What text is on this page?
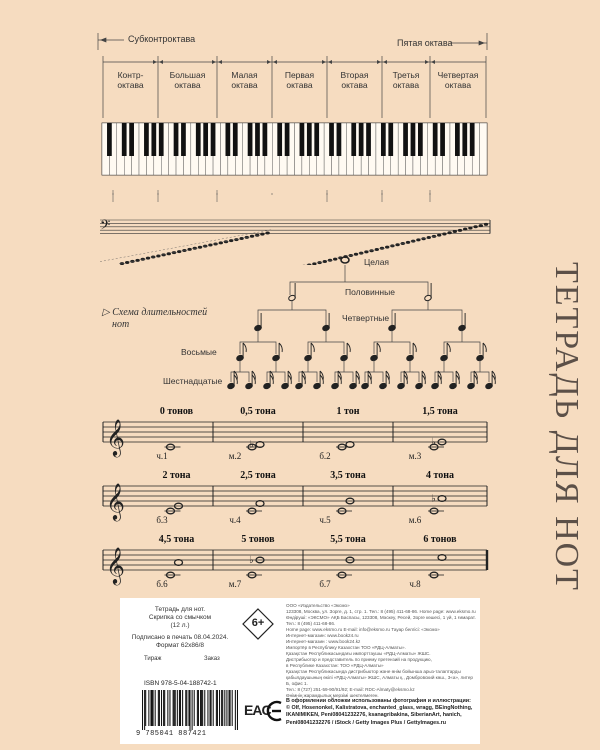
Субконтроктава	Пятая октава
Контр-
октава
Большая
октава
Малая
октава
Первая
октава
Вторая
октава
Третья
октава
Четвертая
октава
𝄢
ТЕТРАДЬ ДЛЯ НОТ
▷ Схема длительностей
нот
Целая
Половинные
Четвертные
Восьмые
Шестнадцатые
𝄞	♭	♭
𝄞	♭
𝄞	♭
0 тонов
ч.1
0,5 тона
м.2
1 тон
б.2
1,5 тона
м.3
2 тона
б.3
2,5 тона
ч.4
3,5 тона
ч.5
4 тона
м.6
4,5 тона
б.6
5 тонов
м.7
5,5 тона
б.7
6 тонов
ч.8
Тетрадь для нот.
Скрипка со смычком
(12 л.)
Подписано в печать 08.04.2024.
Формат 62х86/8
Тираж	Заказ
6+
ООО «Издательство «Эксмо»
123308, Москва, ул. Зорге, д. 1, стр. 1. Тел.: 8 (495) 411-68-86. Home page: www.eksmo.ru
Өндіруші: «ЭКСМО» АҚБ Баспасы, 123308, Мәскеу, Ресей, Зорге көшесі, 1 үй, 1 ғимарат. Тел.: 8 (495) 411-68-86.
Home page: www.eksmo.ru E-mail: info@eksmo.ru Тауар белгісі: «Эксмо»
Интернет-магазин: www.book24.ru
Интернет-магазин : www.book24.kz
Импортёр в Республику Казахстан ТОО «РДЦ-Алматы».
Қазақстан Республикасындағы импорттаушы «РДЦ-Алматы» ЖШС.
Дистрибьютор и представитель по приему претензий на продукцию,
в Республике Казахстан: ТОО «РДЦ-Алматы»
Қазақстан Республикасында дистрибьютор және өнім бойынша арыз-талаптарды
қабылдаушының өкілі «РДЦ-Алматы» ЖШС, Алматы қ., Домбровский көш., 3«а», литер Б, офис 1.
Тел.: 8 (727) 251-59-90/91/92; E-mail: RDC-Almaty@eksmo.kz
Өнімнің жарамдылық мерзімі шектелмеген.
ISBN 978-5-04-188742-1
9 785041 887421
EAC
В оформлении обложки использованы фотография и иллюстрации:
© Olf, Hosenonkel, Kalistratova, enchanted_glass, wragg, BEingNothing,
IKANIMIKEN, Peni08041232276, ksanagribakina, SiberianArt, hanich,
Peni08041232276 / iStock / Getty Images Plus / GettyImages.ru
